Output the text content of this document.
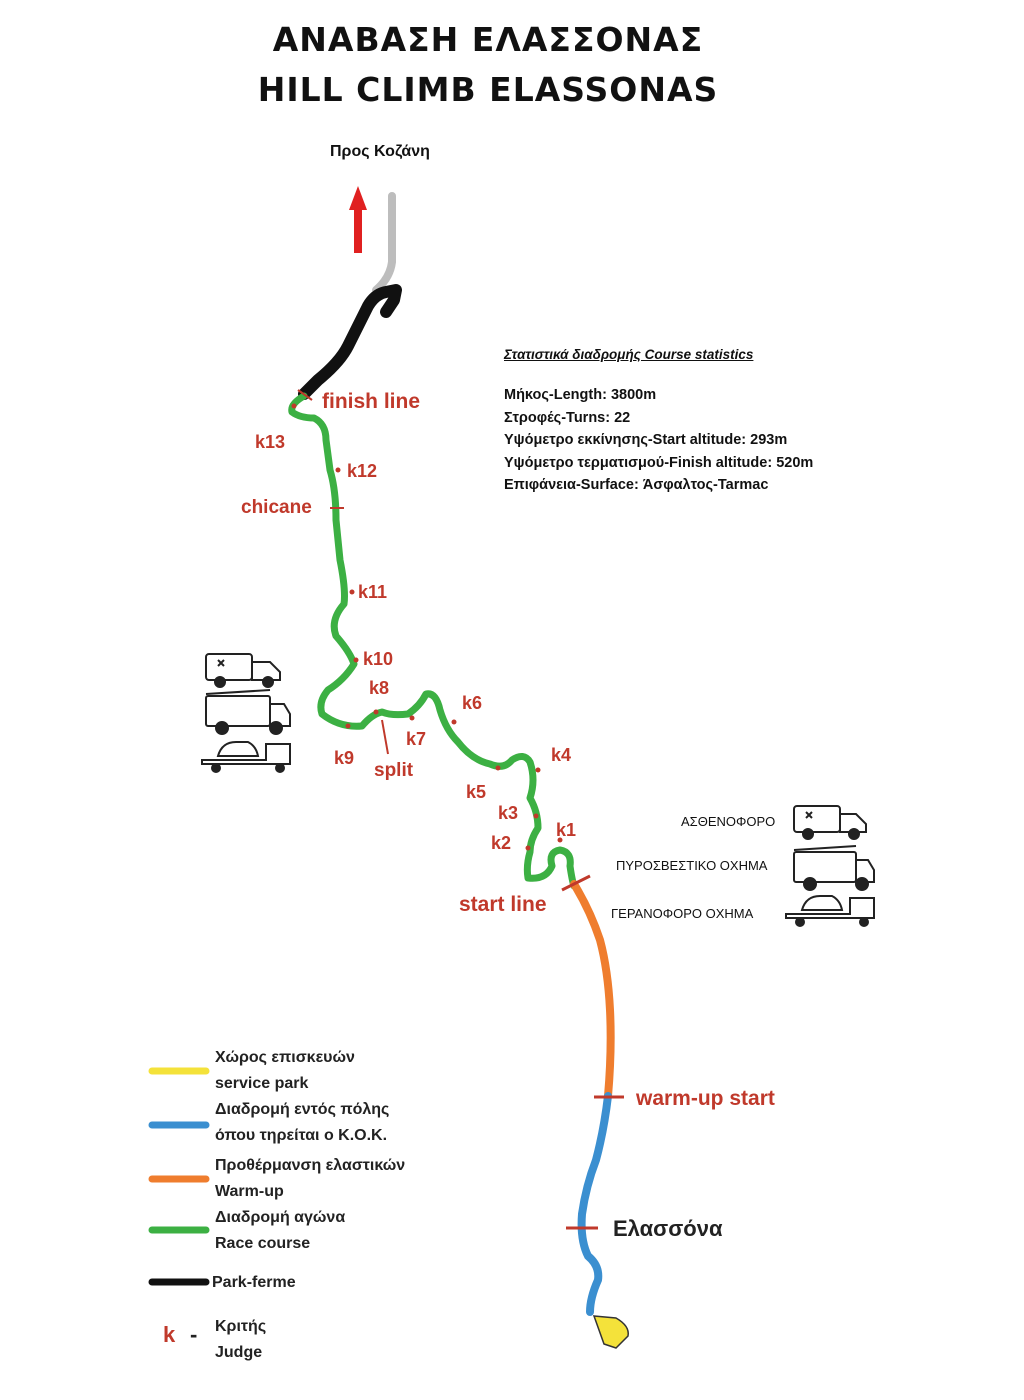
ΑΝΑΒΑΣΗ ΕΛΑΣΣΟΝΑΣ
HILL CLIMB ELASSONAS
Προς Κοζάνη
Στατιστικά διαδρομής Course statistics
Μήκος-Length: 3800m
Στροφές-Turns: 22
Υψόμετρο εκκίνησης-Start altitude: 293m
Υψόμετρο τερματισμού-Finish altitude: 520m
Επιφάνεια-Surface: Άσφαλτος-Tarmac
finish line
start line
warm-up start
chicane
split
k1
k2
k3
k4
k5
k6
k7
k8
k9
k10
k11
k12
k13
Ελασσόνα
ΑΣΘΕΝΟΦΟΡΟ
ΠΥΡΟΣΒΕΣΤΙΚΟ ΟΧΗΜΑ
ΓΕΡΑΝΟΦΟΡΟ ΟΧΗΜΑ
Χώρος επισκευών
service park
Διαδρομή εντός πόλης
όπου τηρείται ο Κ.Ο.Κ.
Προθέρμανση ελαστικών
Warm-up
Διαδρομή αγώνα
Race course
Park-ferme
k - Κριτής
Judge
